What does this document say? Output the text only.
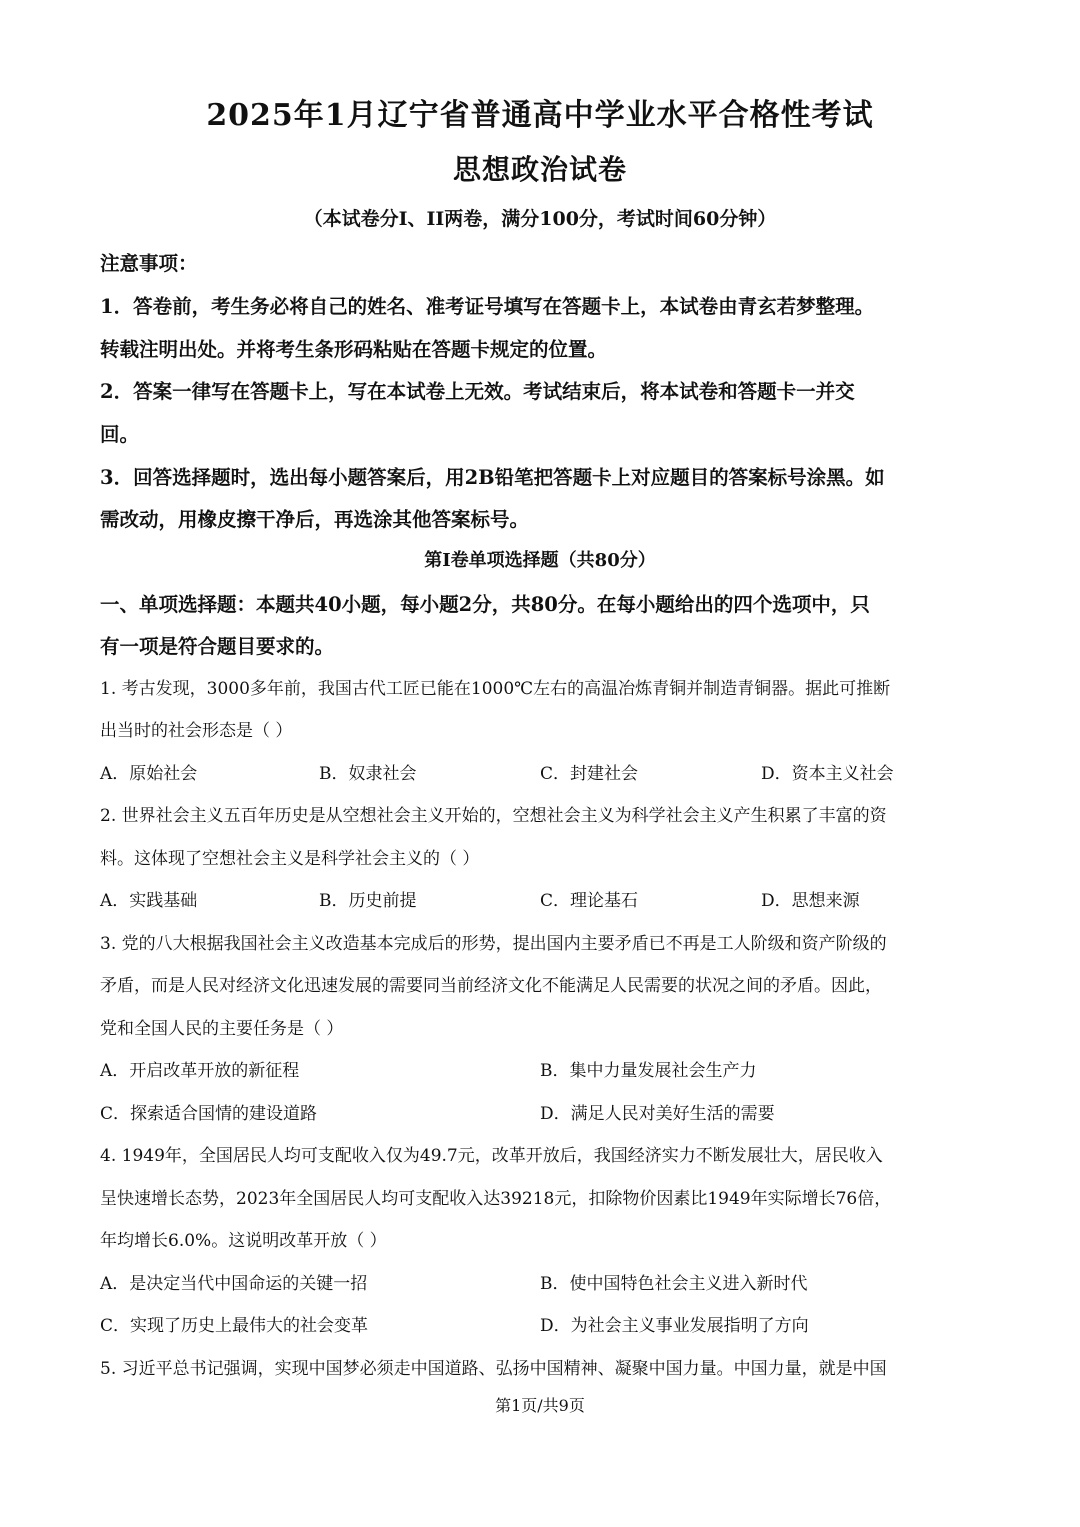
2025年1月辽宁省普通高中学业水平合格性考试
思想政治试卷
（本试卷分I、II两卷，满分100分，考试时间60分钟）
注意事项：
1．答卷前，考生务必将自己的姓名、准考证号填写在答题卡上，本试卷由青玄若梦整理。
转载注明出处。并将考生条形码粘贴在答题卡规定的位置。
2．答案一律写在答题卡上，写在本试卷上无效。考试结束后，将本试卷和答题卡一并交
回。
3．回答选择题时，选出每小题答案后，用2B铅笔把答题卡上对应题目的答案标号涂黑。如
需改动，用橡皮擦干净后，再选涂其他答案标号。
第I卷单项选择题（共80分）
一、单项选择题：本题共40小题，每小题2分，共80分。在每小题给出的四个选项中，只
有一项是符合题目要求的。
1. 考古发现，3000多年前，我国古代工匠已能在1000℃左右的高温冶炼青铜并制造青铜器。据此可推断
出当时的社会形态是（ ）
A．原始社会	B．奴隶社会	C．封建社会	D．资本主义社会
2. 世界社会主义五百年历史是从空想社会主义开始的，空想社会主义为科学社会主义产生积累了丰富的资
料。这体现了空想社会主义是科学社会主义的（ ）
A．实践基础	B．历史前提	C．理论基石	D．思想来源
3. 党的八大根据我国社会主义改造基本完成后的形势，提出国内主要矛盾已不再是工人阶级和资产阶级的
矛盾，而是人民对经济文化迅速发展的需要同当前经济文化不能满足人民需要的状况之间的矛盾。因此，
党和全国人民的主要任务是（ ）
A．开启改革开放的新征程	B．集中力量发展社会生产力
C．探索适合国情的建设道路	D．满足人民对美好生活的需要
4. 1949年，全国居民人均可支配收入仅为49.7元，改革开放后，我国经济实力不断发展壮大，居民收入
呈快速增长态势，2023年全国居民人均可支配收入达39218元，扣除物价因素比1949年实际增长76倍，
年均增长6.0%。这说明改革开放（ ）
A．是决定当代中国命运的关键一招	B．使中国特色社会主义进入新时代
C．实现了历史上最伟大的社会变革	D．为社会主义事业发展指明了方向
5. 习近平总书记强调，实现中国梦必须走中国道路、弘扬中国精神、凝聚中国力量。中国力量，就是中国
第1页/共9页
